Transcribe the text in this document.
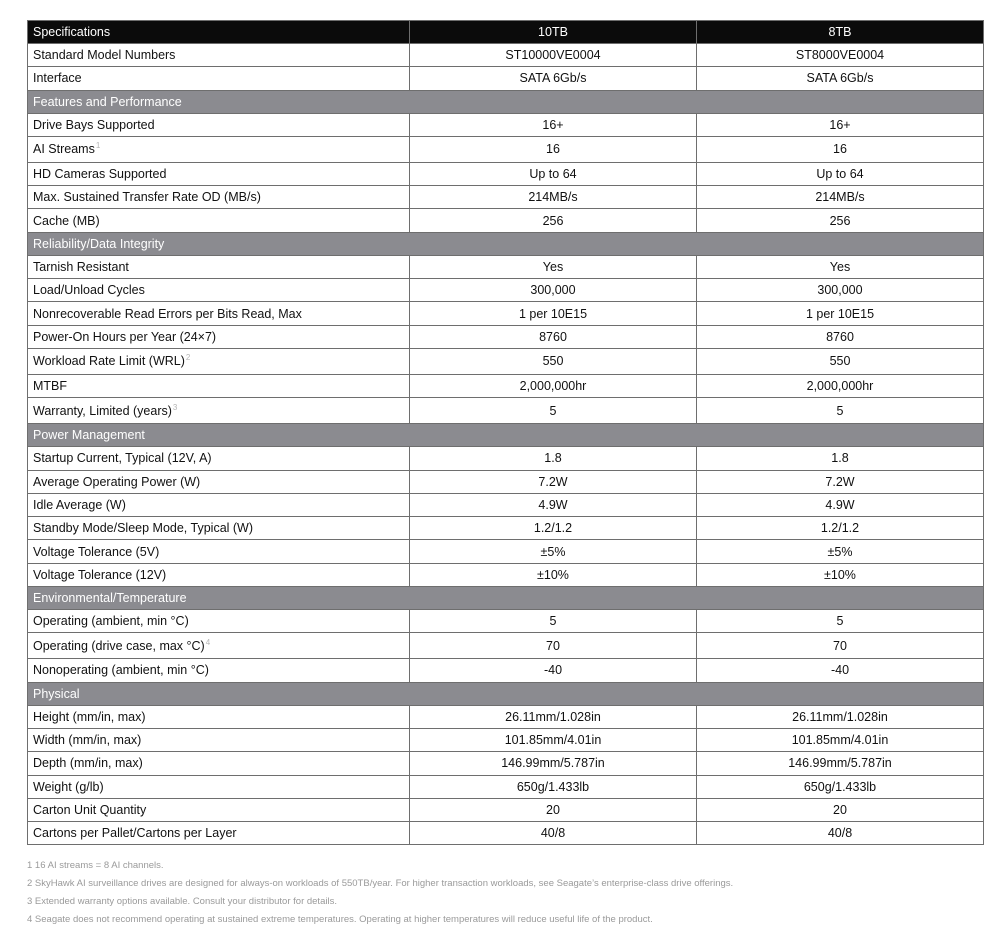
Specifications	10TB	8TB
Standard Model Numbers	ST10000VE0004	ST8000VE0004
Interface	SATA 6Gb/s	SATA 6Gb/s
Features and Performance		
Drive Bays Supported	16+	16+
AI Streams$^1$	16	16
HD Cameras Supported	Up to 64	Up to 64
Max. Sustained Transfer Rate OD (MB/s)	214MB/s	214MB/s
Cache (MB)	256	256
Reliability/Data Integrity		
Tarnish Resistant	Yes	Yes
Load/Unload Cycles	300,000	300,000
Nonrecoverable Read Errors per Bits Read, Max	1 per 10E15	1 per 10E15
Power-On Hours per Year (24×7)	8760	8760
Workload Rate Limit (WRL)$^2$	550	550
MTBF	2,000,000hr	2,000,000hr
Warranty, Limited (years)$^3$	5	5
Power Management		
Startup Current, Typical (12V, A)	1.8	1.8
Average Operating Power (W)	7.2W	7.2W
Idle Average (W)	4.9W	4.9W
Standby Mode/Sleep Mode, Typical (W)	1.2/1.2	1.2/1.2
Voltage Tolerance (5V)	±5%	±5%
Voltage Tolerance (12V)	±10%	±10%
Environmental/Temperature		
Operating (ambient, min °C)	5	5
Operating (drive case, max °C)$^4$	70	70
Nonoperating (ambient, min °C)	-40	-40
Physical		
Height (mm/in, max)	26.11mm/1.028in	26.11mm/1.028in
Width (mm/in, max)	101.85mm/4.01in	101.85mm/4.01in
Depth (mm/in, max)	146.99mm/5.787in	146.99mm/5.787in
Weight (g/lb)	650g/1.433lb	650g/1.433lb
Carton Unit Quantity	20	20
Cartons per Pallet/Cartons per Layer	40/8	40/8
1 16 AI streams = 8 AI channels.
2 SkyHawk AI surveillance drives are designed for always-on workloads of 550TB/year. For higher transaction workloads, see Seagate’s enterprise-class drive offerings.
3 Extended warranty options available. Consult your distributor for details.
4 Seagate does not recommend operating at sustained extreme temperatures. Operating at higher temperatures will reduce useful life of the product.
